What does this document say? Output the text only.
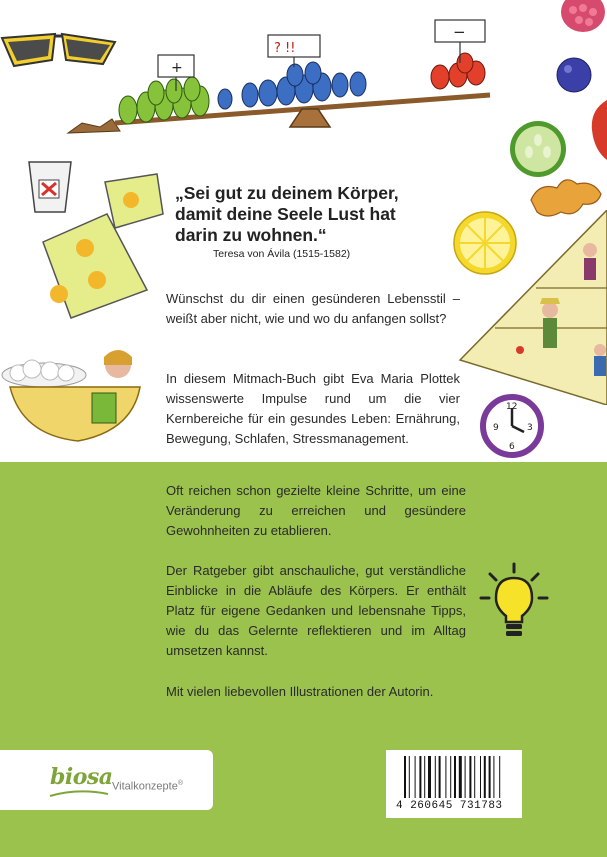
+
? !!
−
12
9
6
3
„Sei gut zu deinem Körper,
damit deine Seele Lust hat
darin zu wohnen.“
Teresa von Ávila (1515-1582)
Wünschst du dir einen gesünderen Lebensstil – weißt aber nicht, wie und wo du anfangen sollst?
In diesem Mitmach-Buch gibt Eva Maria Plottek wissenswerte Impulse rund um die vier Kernbereiche für ein gesundes Leben: Ernährung, Bewegung, Schlafen, Stressmanagement.
Oft reichen schon gezielte kleine Schritte, um eine Veränderung zu erreichen und gesündere Gewohnheiten zu etablieren.
Der Ratgeber gibt anschauliche, gut verständliche Einblicke in die Abläufe des Körpers. Er enthält Platz für eigene Gedanken und lebensnahe Tipps, wie du das Gelernte reflektieren und im Alltag umsetzen kannst.
Mit vielen liebevollen Illustrationen der Autorin.
biosa Vitalkonzepte®
4 260645 731783
